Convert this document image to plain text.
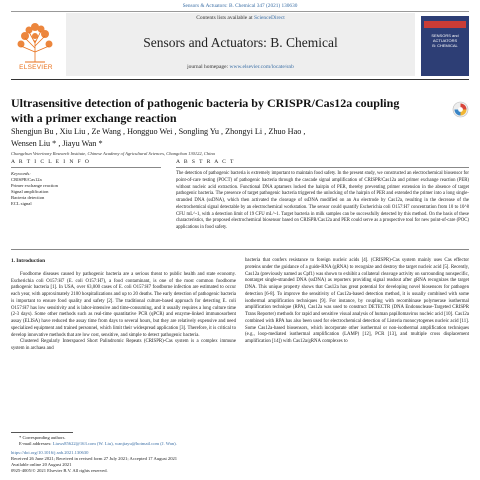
Sensors & Actuators: B. Chemical 347 (2021) 130630
ELSEVIER
Contents lists available at ScienceDirect
Sensors and Actuators: B. Chemical
journal homepage: www.elsevier.com/locate/snb
SENSORS and ACTUATORS
B: CHEMICAL
Ultrasensitive detection of pathogenic bacteria by CRISPR/Cas12a coupling
with a primer exchange reaction
Shengjun Bu , Xiu Liu , Ze Wang , Hongguo Wei , Songling Yu , Zhongyi Li , Zhuo Hao ,
Wensen Liu * , Jiayu Wan *
Changchun Veterinary Research Institute, Chinese Academy of Agricultural Sciences, Changchun 130122, China
A R T I C L E I N F O	A B S T R A C T
Keywords:
CRISPR/Cas12a
Primer exchange reaction
Signal amplification
Bacteria detection
ECL signal
The detection of pathogenic bacteria is extremely important to maintain food safety. In the present study, we constructed an electrochemical biosensor for point-of-care testing (POCT) of pathogenic bacteria through the cascade signal amplification of CRISPR/Cas12a and primer exchange reaction (PER) without nucleic acid extraction. Functional DNA aptamers locked the hairpin of PER, thereby preventing primer extension in the absence of target pathogenic bacteria. The presence of target pathogenic bacteria triggered the unlocking of the hairpin of PER and extended the primer into a long single-stranded DNA (ssDNA), which then activated the cleavage of ssDNA modified on an Au electrode by Cas12a, resulting in the decrease of the electrochemical signal detectable by an electrochemical workstation. The sensor could quantify Escherichia coli O157:H7 concentration from 10 to 10^8 CFU mL^-1, with a detection limit of 19 CFU mL^-1. Target bacteria in milk samples can be successfully detected by this method. On the basis of these characteristics, the proposed electrochemical biosensor based on CRISPR/Cas12a and PER could serve as a prospective tool for new point-of-care (POC) applications in food safety.
1. Introduction

Foodborne diseases caused by pathogenic bacteria are a serious threat to public health and state economy. Escherichia coli O157:H7 (E. coli O157:H7), a food contaminant, is one of the most common foodborne pathogenic bacteria [1]. In USA, over 63,000 cases of E. coli O157:H7 foodborne infection are estimated to occur each year, with approximately 2100 hospitalizations and up to 20 deaths. The early detection of pathogenic bacteria is important to ensure food quality and safety [2]. The traditional culture-based approach for detecting E. coli O157:H7 has low sensitivity and is labor-intensive and time-consuming, and it usually requires a long culture time (2-3 days). Some other methods such as real-time quantitative PCR (qPCR) and enzyme-linked immunosorbent assay (ELISA) have reduced the assay time from days to several hours, but they are relatively expensive and need specialized equipment and trained personnel, which limit their widespread application [3]. Therefore, it is critical to develop innovative methods that are low cost, sensitive, and simple to detect pathogenic bacteria.

Clustered Regularly Interspaced Short Palindromic Repeats (CRISPR)-Cas system is a complex immune system in archaea and

bacteria that confers resistance to foreign nucleic acids [4]. (CRISPR)-Cas system mainly uses Cas effector proteins under the guidance of a guide-RNA (gRNA) to recognize and destroy the target nucleic acid [5]. Recently, Cas12a (previously named as Cpf1) was shown to exhibit a collateral cleavage activity on surrounding nonspecific, nontarget single-stranded DNA (ssDNA) as reporters providing signal readout after gRNA recognizes the target DNA. This unique property shows that Cas12a has great potential for developing novel biosensors for pathogen detection [6-8]. To improve the sensitivity of Cas12a-based detection method, it is usually combined with some isothermal amplification techniques [9]. For instance, by coupling with recombinase polymerase isothermal amplification technique (RPA), Cas12a was used to construct DETECTR (DNA Endonuclease-Targeted CRISPR Trans Reporter) methods for rapid and sensitive visual analysis of human papillomavirus nucleic acid [10]. Cas12a combined with RPA has also been used for electrochemical detection of Listeria monocytogenes nucleic acid [11]. Some Cas12a-based biosensors, which incorporate other isothermal or non-isothermal amplification techniques (e.g., loop-mediated isothermal amplification (LAMP) [12], PCR [13], and multiple cross displacement amplification [14]) with Cas12a/gRNA complexes to

* Corresponding authors.
E-mail addresses: Liuws85622@163.com (W. Liu), wanjiayu@hotmail.com (J. Wan).
https://doi.org/10.1016/j.snb.2021.130630
Received 26 June 2021; Received in revised form 27 July 2021; Accepted 17 August 2021
Available online 20 August 2021
0925-4005/© 2021 Elsevier B.V. All rights reserved.
